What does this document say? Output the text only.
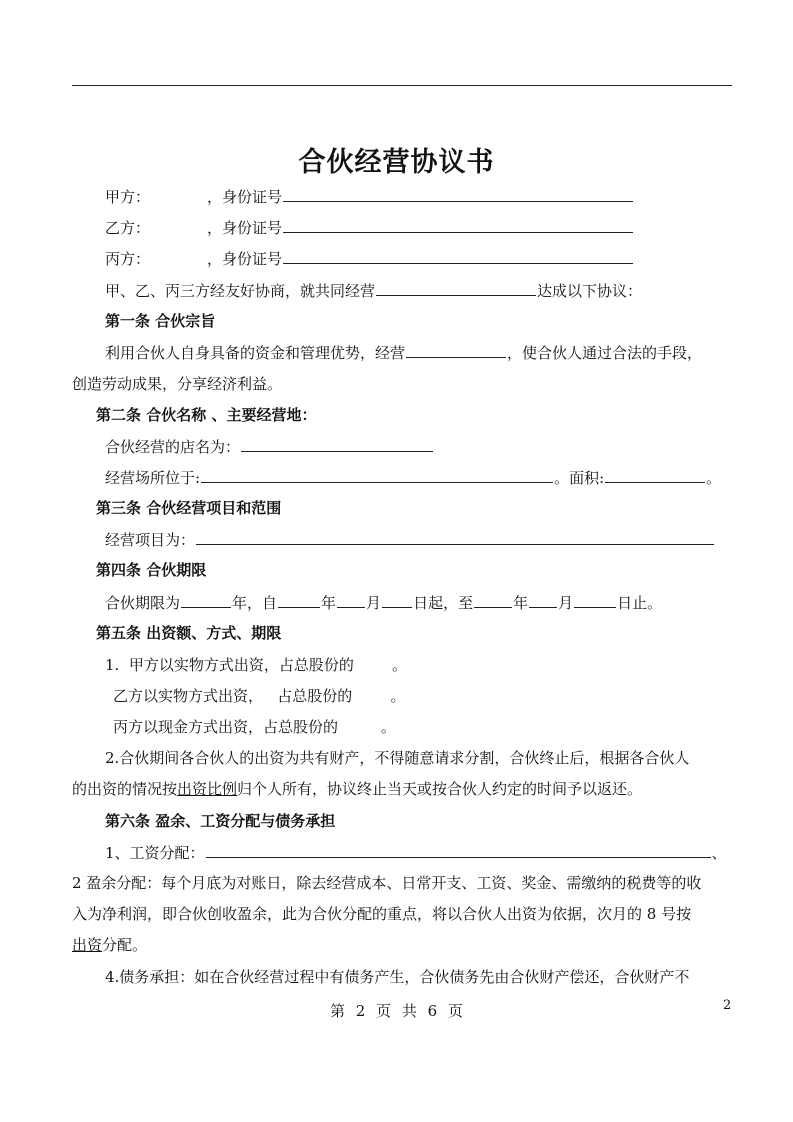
合伙经营协议书
甲方：	，身份证号
乙方：	，身份证号
丙方：	，身份证号
甲、乙、丙三方经友好协商，就共同经营	达成以下协议：
第一条 合伙宗旨
利用合伙人自身具备的资金和管理优势，经营	，使合伙人通过合法的手段，
创造劳动成果，分享经济利益。
第二条 合伙名称 、主要经营地：
合伙经营的店名为：
经营场所位于:	。面积:	。
第三条 合伙经营项目和范围
经营项目为：
第四条 合伙期限
合伙期限为	年，自	年 月 日起，至	年 月	日止。
第五条 出资额、方式、期限
1.  甲方以实物方式出资，占总股份的        。
乙方以实物方式出资，   占总股份的        。
丙方以现金方式出资，占总股份的         。
2.合伙期间各合伙人的出资为共有财产，不得随意请求分割，合伙终止后，根据各合伙人
的出资的情况按出资比例归个人所有，协议终止当天或按合伙人约定的时间予以返还。
第六条 盈余、工资分配与债务承担
1、工资分配：	、
2 盈余分配：每个月底为对账日，除去经营成本、日常开支、工资、奖金、需缴纳的税费等的收
入为净利润，即合伙创收盈余，此为合伙分配的重点，将以合伙人出资为依据，次月的 8 号按
出资分配。
4.债务承担：如在合伙经营过程中有债务产生，合伙债务先由合伙财产偿还，合伙财产不
第 2 页 共 6 页	2
